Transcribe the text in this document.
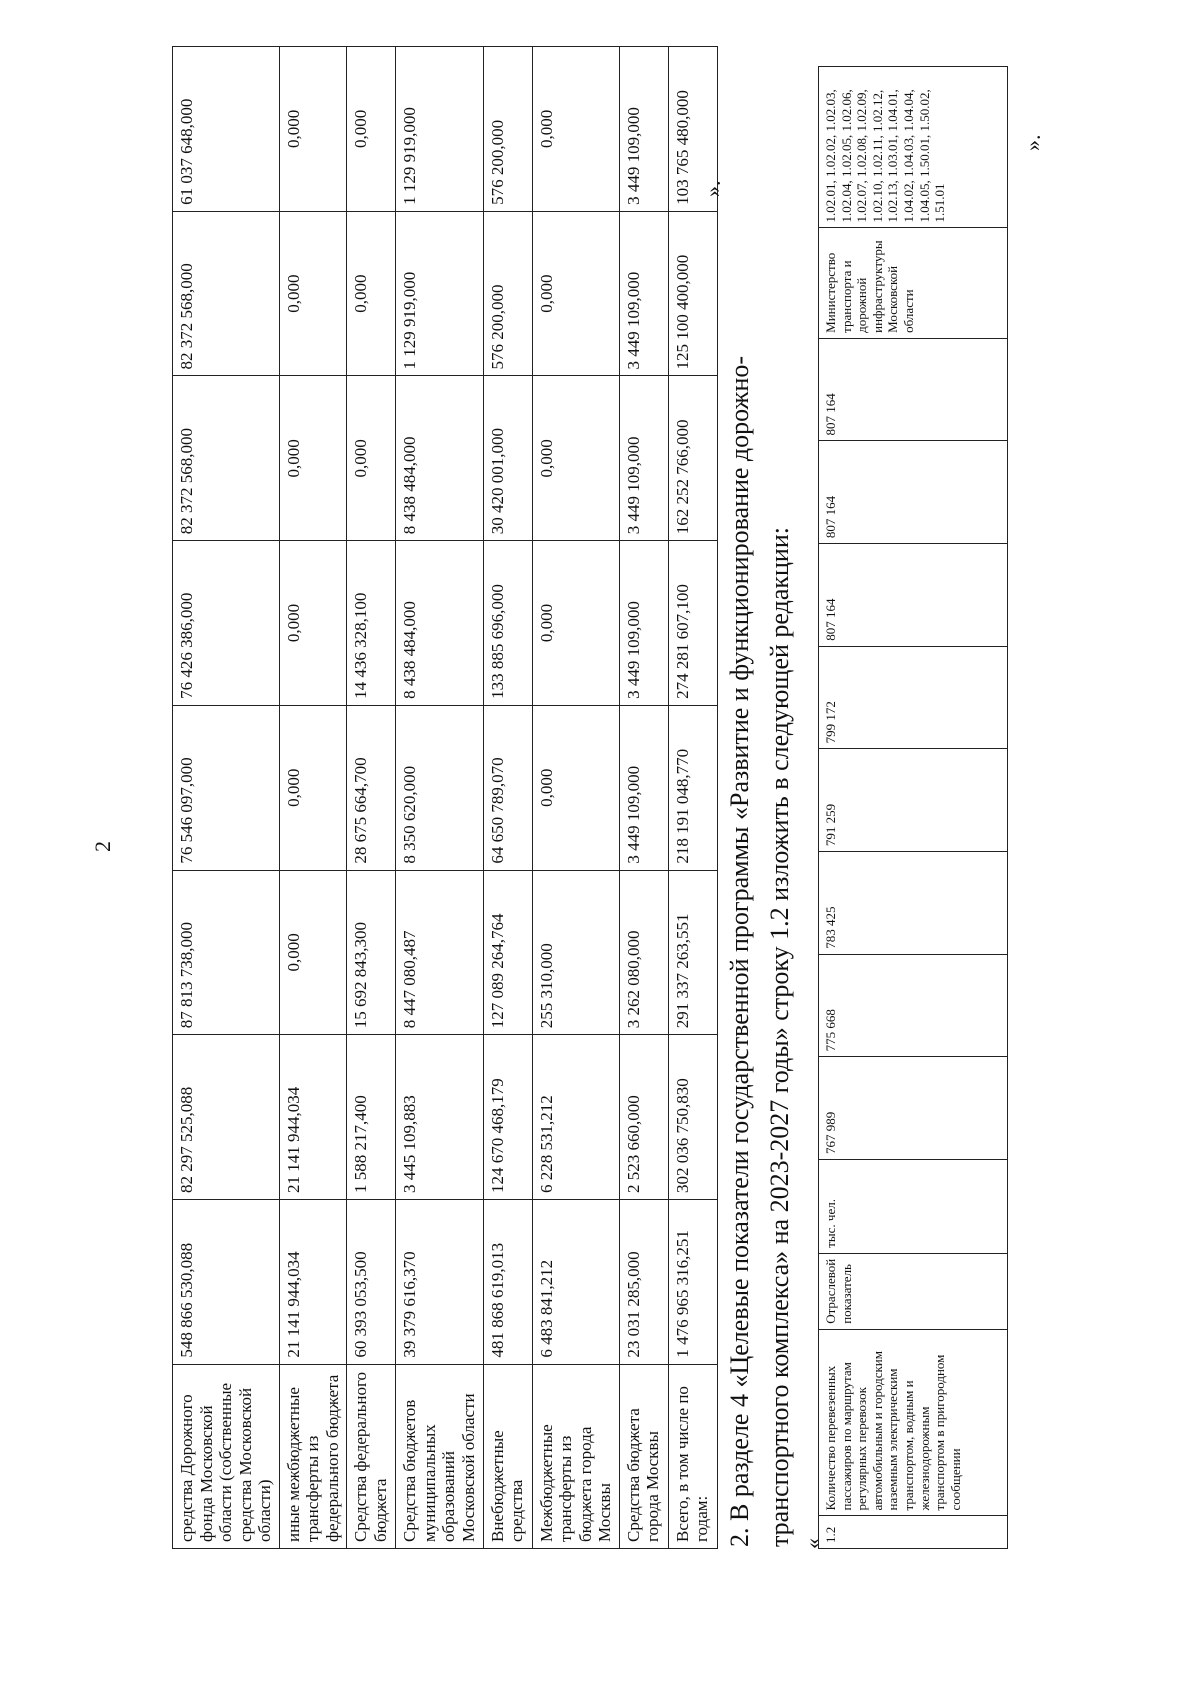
2
средства Дорожного фонда Московской области (собственные средства Московской области)	548 866 530,088	82 297 525,088	87 813 738,000	76 546 097,000	76 426 386,000	82 372 568,000	82 372 568,000	61 037 648,000
иные межбюджетные трансферты из федерального бюджета	21 141 944,034	21 141 944,034	0,000	0,000	0,000	0,000	0,000	0,000
Средства федерального бюджета	60 393 053,500	1 588 217,400	15 692 843,300	28 675 664,700	14 436 328,100	0,000	0,000	0,000
Средства бюджетов муниципальных образований Московской области	39 379 616,370	3 445 109,883	8 447 080,487	8 350 620,000	8 438 484,000	8 438 484,000	1 129 919,000	1 129 919,000
Внебюджетные средства	481 868 619,013	124 670 468,179	127 089 264,764	64 650 789,070	133 885 696,000	30 420 001,000	576 200,000	576 200,000
Межбюджетные трансферты из бюджета города Москвы	6 483 841,212	6 228 531,212	255 310,000	0,000	0,000	0,000	0,000	0,000
Средства бюджета города Москвы	23 031 285,000	2 523 660,000	3 262 080,000	3 449 109,000	3 449 109,000	3 449 109,000	3 449 109,000	3 449 109,000
Всего, в том числе по годам:	1 476 965 316,251	302 036 750,830	291 337 263,551	218 191 048,770	274 281 607,100	162 252 766,000	125 100 400,000	103 765 480,000 ».
2. В разделе 4 «Целевые показатели государственной программы «Развитие и функционирование дорожно- транспортного комплекса» на 2023-2027 годы» строку 1.2 изложить в следующей редакции: «
1.2	Количество перевезенных пассажиров по маршрутам регулярных перевозок автомобильным и городским наземным электрическим транспортом, водным и железнодорожным транспортом в пригородном сообщении	Отраслевой показатель	тыс. чел.	767 989	775 668	783 425	791 259	799 172	807 164	807 164	807 164	Министерство транспорта и дорожной инфраструктуры Московской области	1.02.01, 1.02.02, 1.02.03, 1.02.04, 1.02.05, 1.02.06, 1.02.07, 1.02.08, 1.02.09, 1.02.10, 1.02.11, 1.02.12, 1.02.13, 1.03.01, 1.04.01, 1.04.02, 1.04.03, 1.04.04, 1.04.05, 1.50.01, 1.50.02, 1.51.01
».
